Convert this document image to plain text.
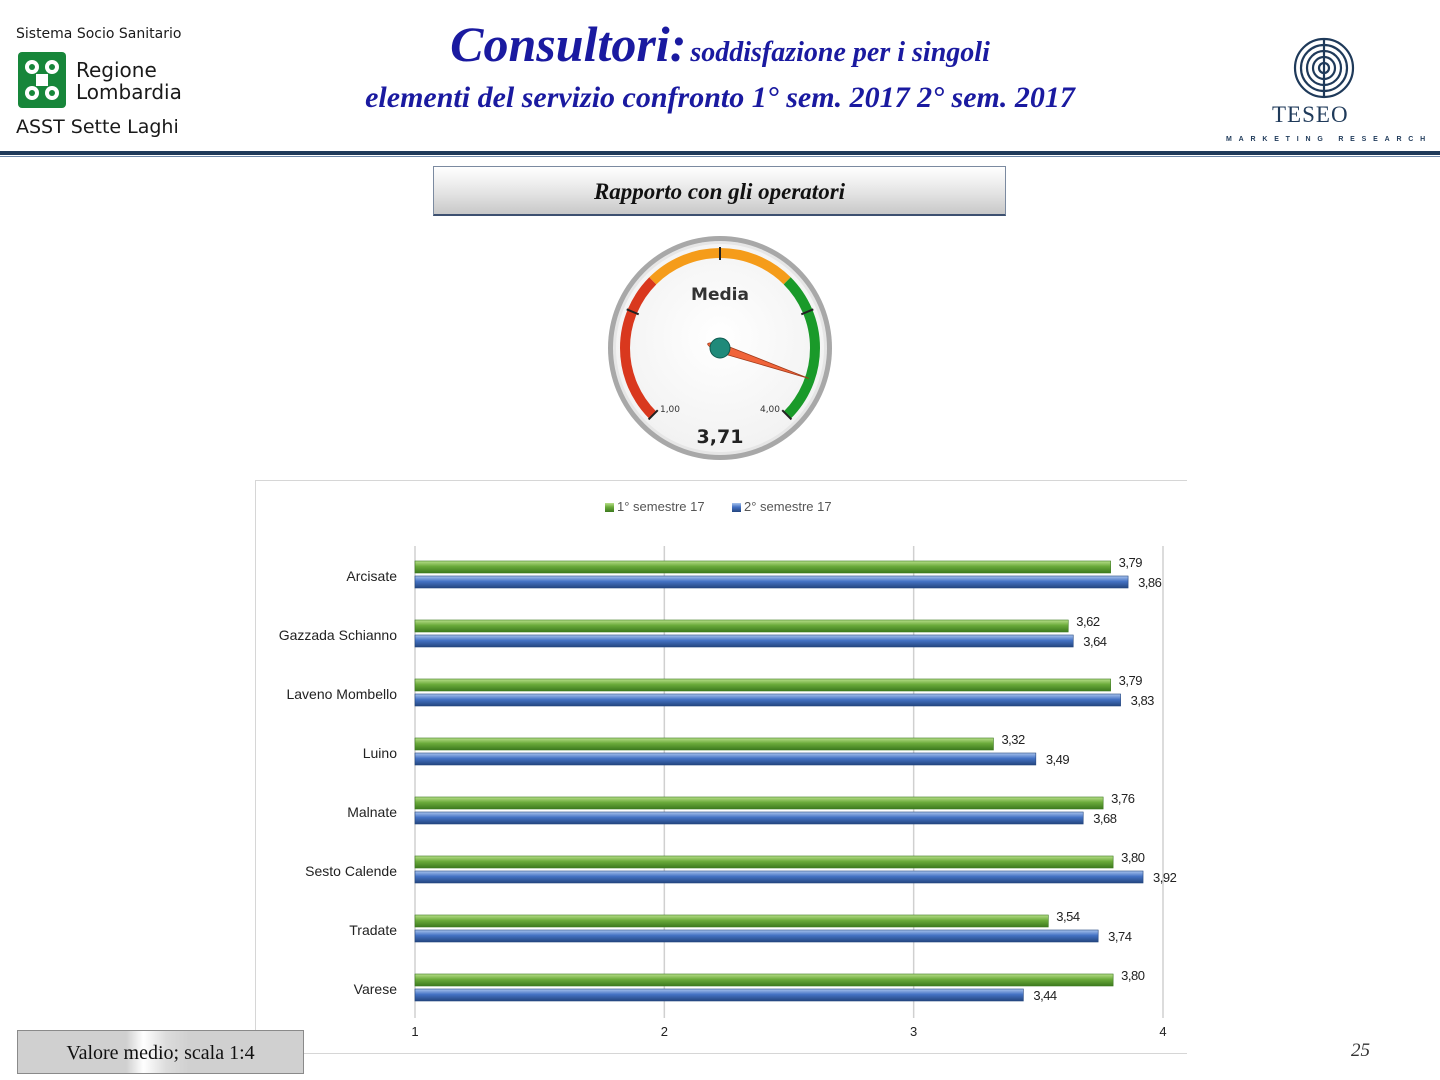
Sistema Socio Sanitario
Regione
Lombardia
ASST Sette Laghi
Consultori: soddisfazione per i singoli
elementi del servizio confronto 1° sem. 2017 2° sem. 2017
TESEO
MARKETING RESEARCH
Rapporto con gli operatori
Media
1,00	4,00
3,71
1° semestre 17	2° semestre 17
3,79
3,86
3,62
3,64
3,79
3,83
3,32
3,49
3,76
3,68
3,80
3,92
3,54
3,74
3,80
3,44
Arcisate
Gazzada Schianno
Laveno Mombello
Luino
Malnate
Sesto Calende
Tradate
Varese
1	2	3	4
Valore medio; scala 1:4	25
